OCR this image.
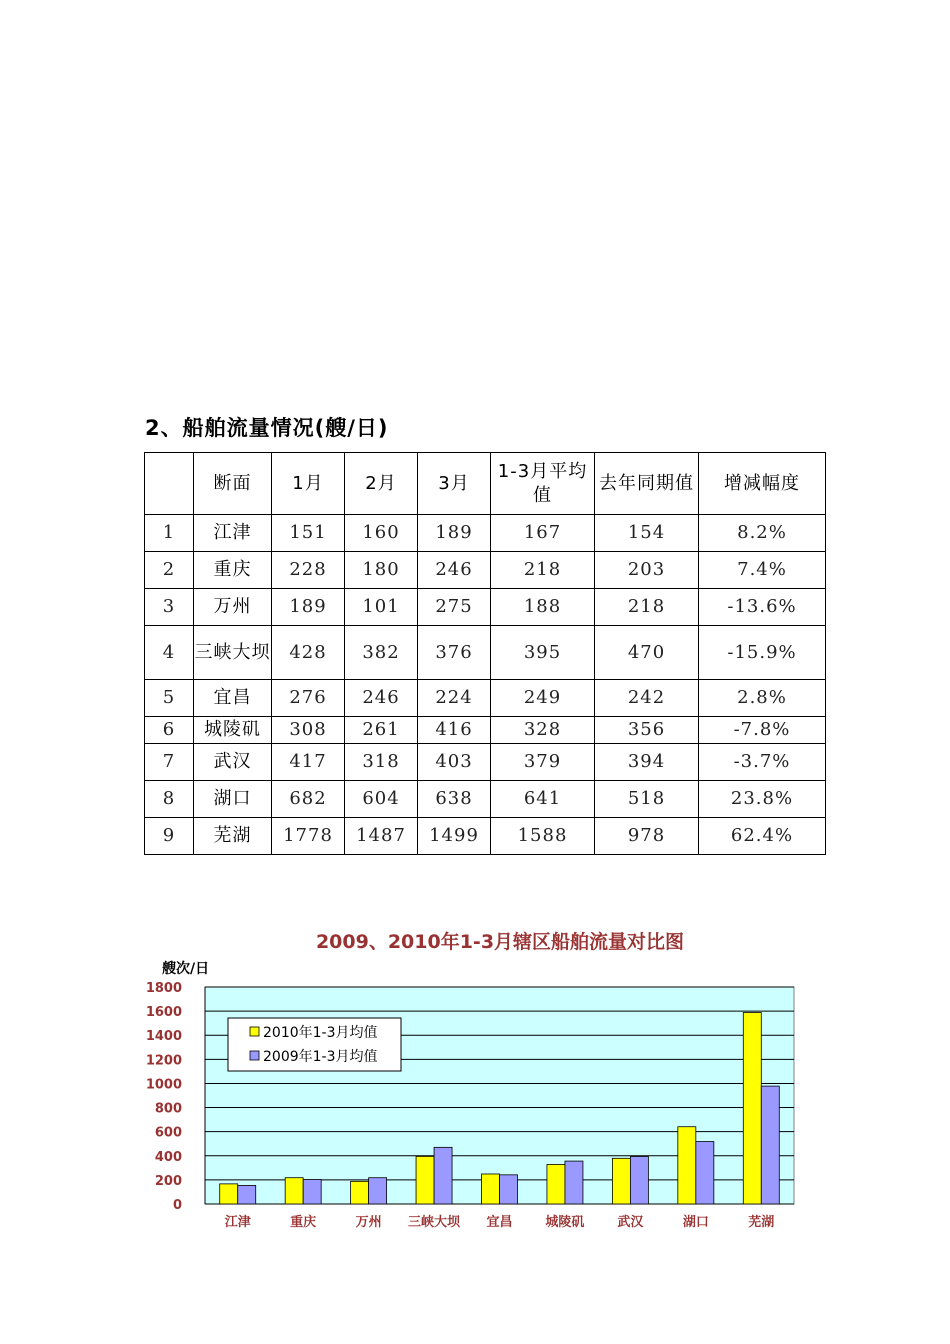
2、船舶流量情况(艘/日)
	断面	1月	2月	3月	1-3月平均值	去年同期值	增减幅度
1	江津	151	160	189	167	154	8.2%
2	重庆	228	180	246	218	203	7.4%
3	万州	189	101	275	188	218	-13.6%
4	三峡大坝	428	382	376	395	470	-15.9%
5	宜昌	276	246	224	249	242	2.8%
6	城陵矶	308	261	416	328	356	-7.8%
7	武汉	417	318	403	379	394	-3.7%
8	湖口	682	604	638	641	518	23.8%
9	芜湖	1778	1487	1499	1588	978	62.4%
2009、2010年1-3月辖区船舶流量对比图
艘次/日
0
200
400
600
800
1000
1200
1400
1600
1800
江津	重庆	万州 三峡大坝 宜昌	城陵矶	武汉	湖口	芜湖
2010年1-3月均值
2009年1-3月均值
